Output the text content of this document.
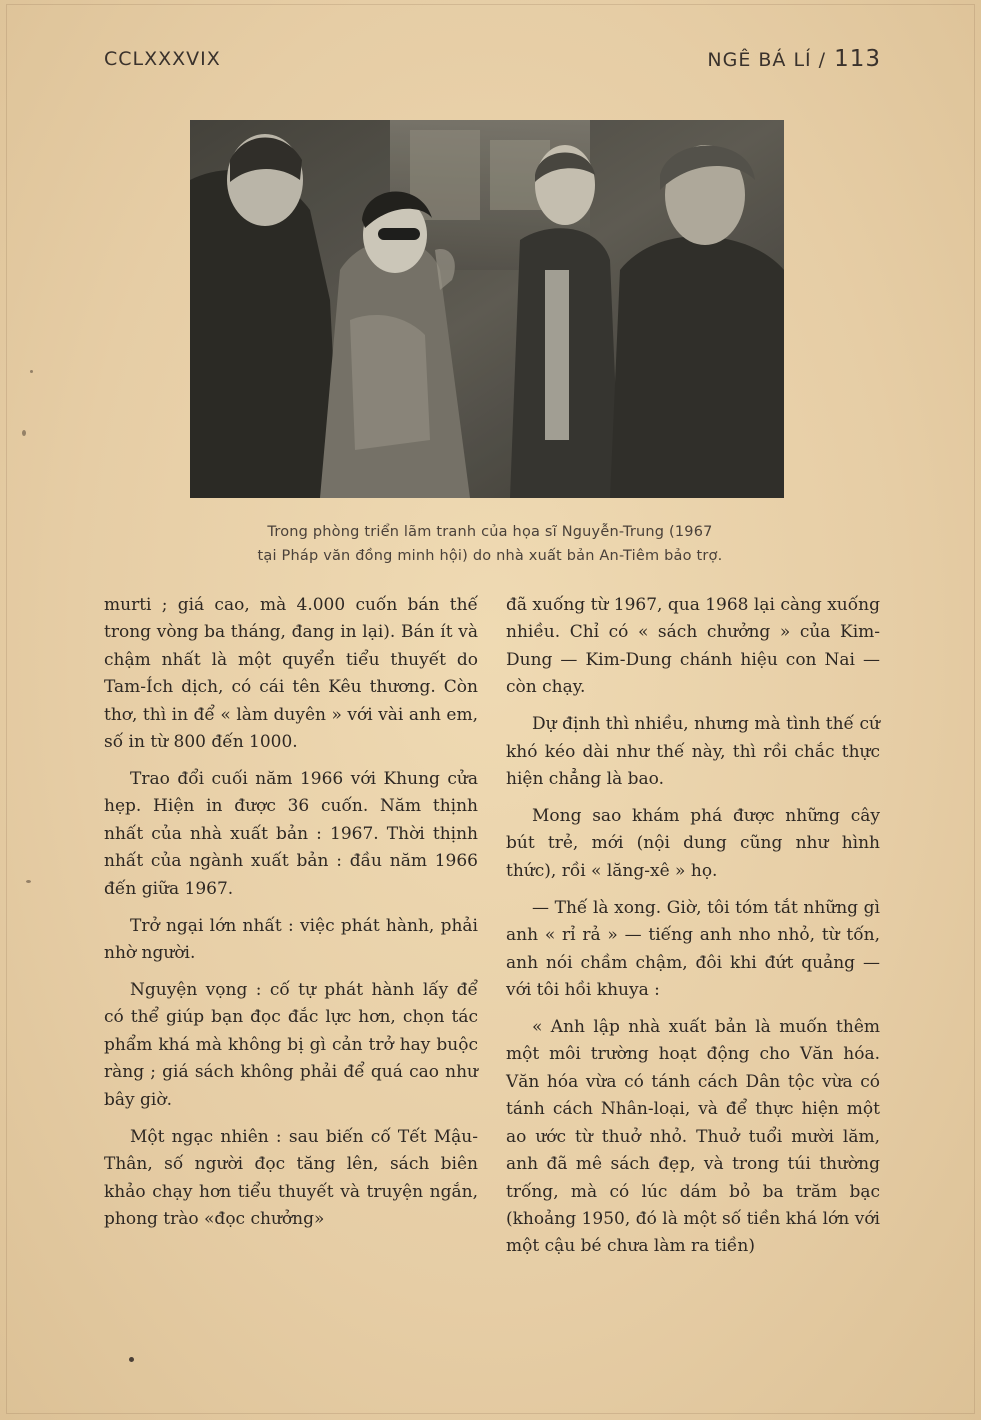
CCLXXXVIX	NGÊ BÁ LÍ / 113
Trong phòng triển lãm tranh của họa sĩ Nguyễn-Trung (1967
tại Pháp văn đồng minh hội) do nhà xuất bản An-Tiêm bảo trợ.

murti ; giá cao, mà 4.000 cuốn bán thế trong vòng ba tháng, đang in lại). Bán ít và chậm nhất là một quyển tiểu thuyết do Tam-Ích dịch, có cái tên Kêu thương. Còn thơ, thì in để « làm duyên » với vài anh em, số in từ 800 đến 1000.

Trao đổi cuối năm 1966 với Khung cửa hẹp. Hiện in được 36 cuốn. Năm thịnh nhất của nhà xuất bản : 1967. Thời thịnh nhất của ngành xuất bản : đầu năm 1966 đến giữa 1967.

Trở ngại lớn nhất : việc phát hành, phải nhờ người.

Nguyện vọng : cố tự phát hành lấy để có thể giúp bạn đọc đắc lực hơn, chọn tác phẩm khá mà không bị gì cản trở hay buộc ràng ; giá sách không phải để quá cao như bây giờ.

Một ngạc nhiên : sau biến cố Tết Mậu-Thân, số người đọc tăng lên, sách biên khảo chạy hơn tiểu thuyết và truyện ngắn, phong trào «đọc chưởng»

đã xuống từ 1967, qua 1968 lại càng xuống nhiều. Chỉ có « sách chưởng » của Kim-Dung — Kim-Dung chánh hiệu con Nai — còn chạy.

Dự định thì nhiều, nhưng mà tình thế cứ khó kéo dài như thế này, thì rồi chắc thực hiện chẳng là bao.

Mong sao khám phá được những cây bút trẻ, mới (nội dung cũng như hình thức), rồi « lăng-xê » họ.

— Thế là xong. Giờ, tôi tóm tắt những gì anh « rỉ rả » — tiếng anh nho nhỏ, từ tốn, anh nói chầm chậm, đôi khi đứt quảng — với tôi hồi khuya :

« Anh lập nhà xuất bản là muốn thêm một môi trường hoạt động cho Văn hóa. Văn hóa vừa có tánh cách Dân tộc vừa có tánh cách Nhân-loại, và để thực hiện một ao ước từ thuở nhỏ. Thuở tuổi mười lăm, anh đã mê sách đẹp, và trong túi thường trống, mà có lúc dám bỏ ba trăm bạc (khoảng 1950, đó là một số tiền khá lớn với một cậu bé chưa làm ra tiền)
